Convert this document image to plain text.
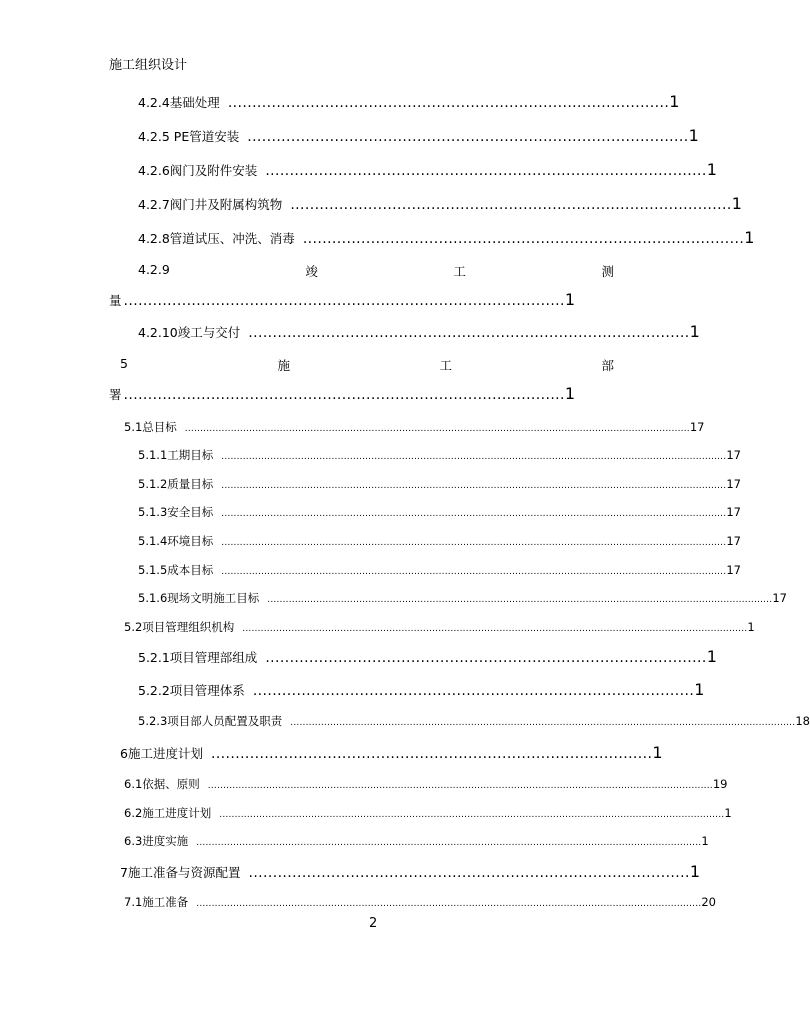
施工组织设计
4.2.4基础处理 ........................................................................................... 1
4.2.5 PE管道安装 ........................................................................................... 1
4.2.6阀门及附件安装 ........................................................................................... 1
4.2.7阀门井及附属构筑物 ........................................................................................... 1
4.2.8管道试压、冲洗、消毒 ........................................................................................... 1
4.2.9	竣	工	测
量 ........................................................................................... 1
4.2.10竣工与交付 ........................................................................................... 1
5	施	工	部
署 ........................................................................................... 1
5.1总目标 ..................................................................................................................................................................... 17
5.1.1工期目标 ..................................................................................................................................................................... 17
5.1.2质量目标 ..................................................................................................................................................................... 17
5.1.3安全目标 ..................................................................................................................................................................... 17
5.1.4环境目标 ..................................................................................................................................................................... 17
5.1.5成本目标 ..................................................................................................................................................................... 17
5.1.6现场文明施工目标 ..................................................................................................................................................................... 17
5.2项目管理组织机构 ..................................................................................................................................................................... 1
5.2.1项目管理部组成 ........................................................................................... 1
5.2.2项目管理体系 ........................................................................................... 1
5.2.3项目部人员配置及职责 ..................................................................................................................................................................... 18
6施工进度计划 ........................................................................................... 1
6.1依据、原则 ..................................................................................................................................................................... 19
6.2施工进度计划 ..................................................................................................................................................................... 1
6.3进度实施 ..................................................................................................................................................................... 1
7施工准备与资源配置 ........................................................................................... 1
7.1施工准备 ..................................................................................................................................................................... 20
2
